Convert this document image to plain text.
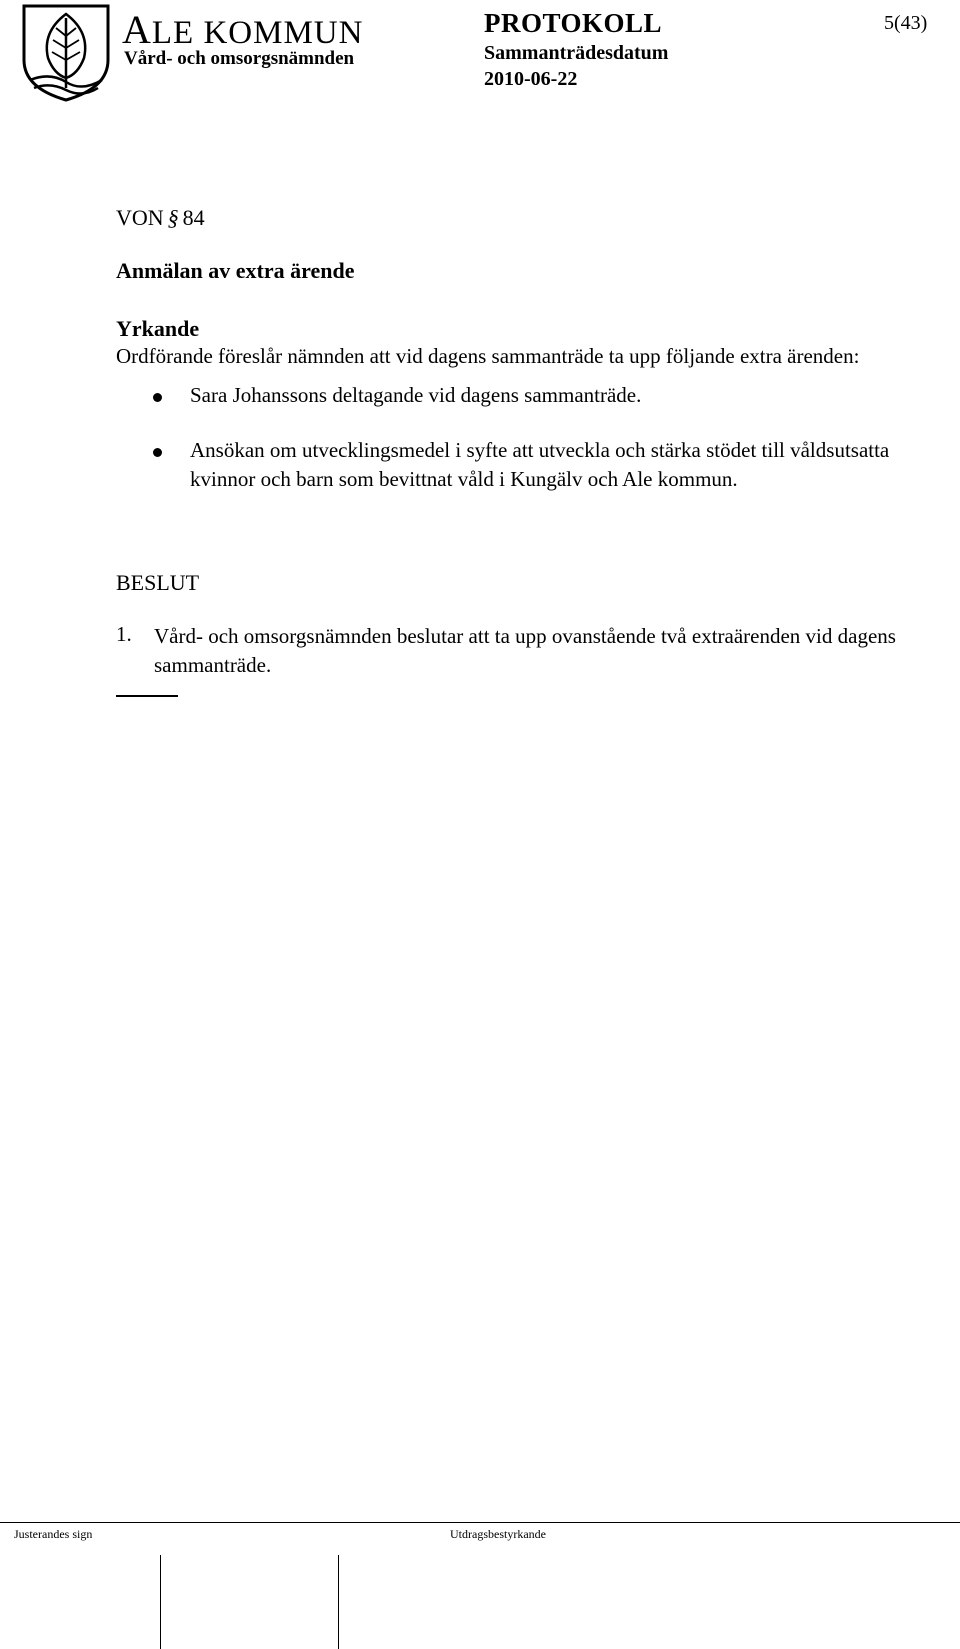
ALE KOMMUN
Vård- och omsorgsnämnden
PROTOKOLL
Sammanträdesdatum
2010-06-22
5(43)
VON § 84
Anmälan av extra ärende
Yrkande
Ordförande föreslår nämnden att vid dagens sammanträde ta upp följande extra ärenden:
Sara Johanssons deltagande vid dagens sammanträde.
Ansökan om utvecklingsmedel i syfte att utveckla och stärka stödet till våldsutsatta kvinnor och barn som bevittnat våld i Kungälv och Ale kommun.
BESLUT
1. Vård- och omsorgsnämnden beslutar att ta upp ovanstående två extraärenden vid dagens sammanträde.
Justerandes sign	Utdragsbestyrkande
